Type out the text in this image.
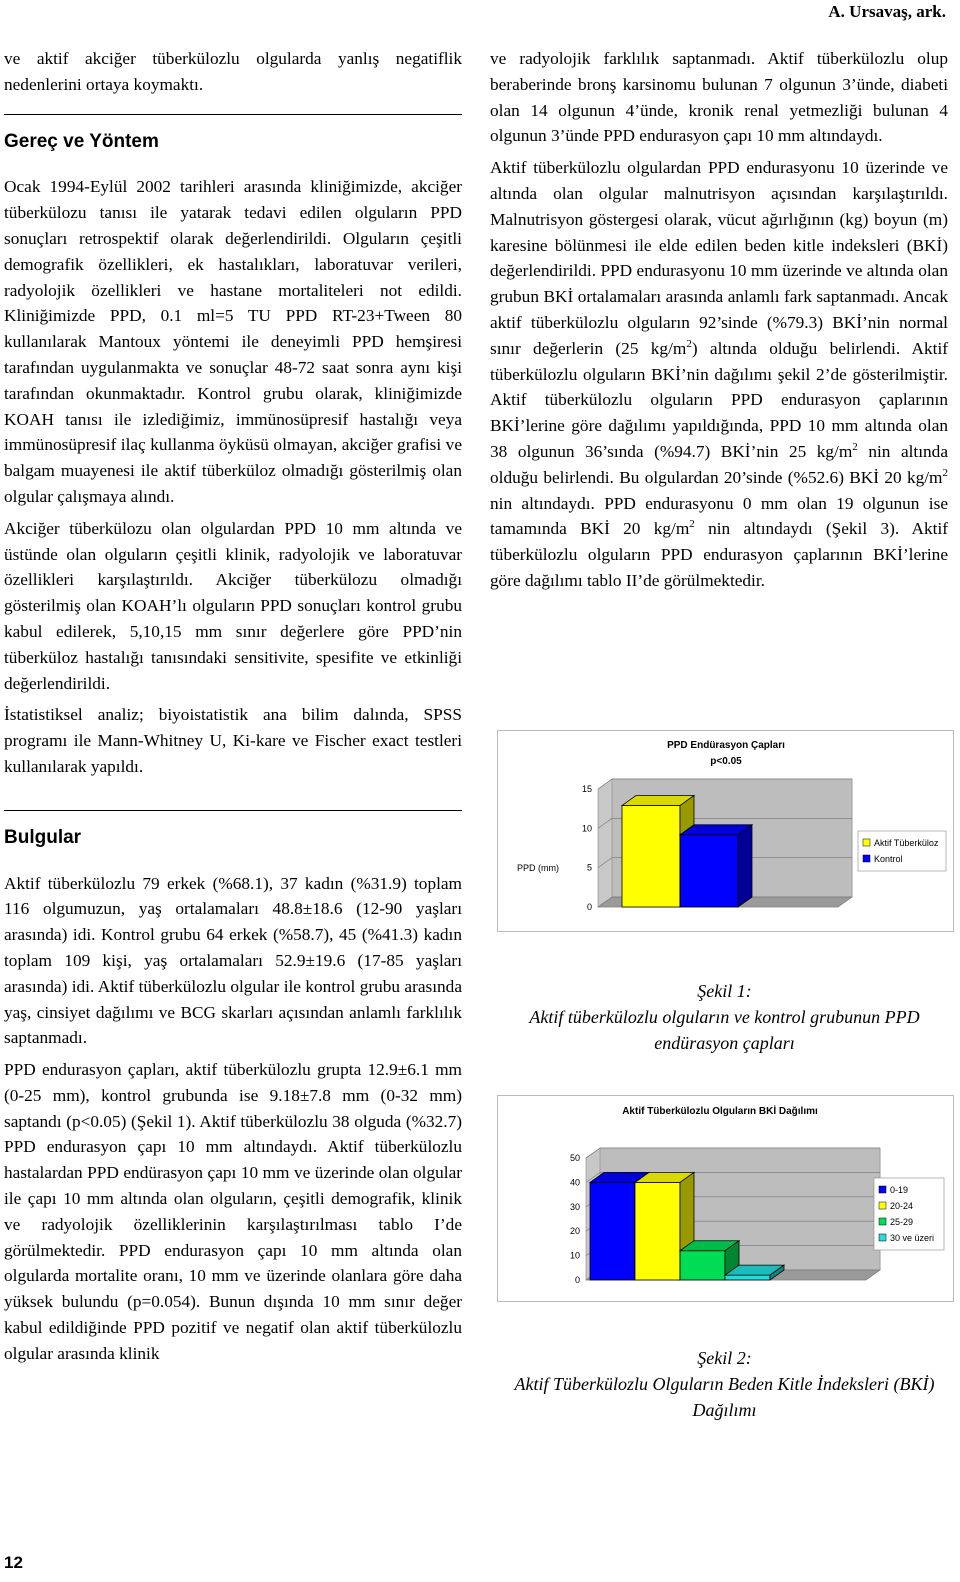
A. Ursavaş, ark.

ve aktif akciğer tüberkülozlu olgularda yanlış negatiflik nedenlerini ortaya koymaktı.

Gereç ve Yöntem

Ocak 1994-Eylül 2002 tarihleri arasında kliniğimizde, akciğer tüberkülozu tanısı ile yatarak tedavi edilen olguların PPD sonuçları retrospektif olarak değerlendirildi. Olguların çeşitli demografik özellikleri, ek hastalıkları, laboratuvar verileri, radyolojik özellikleri ve hastane mortaliteleri not edildi. Kliniğimizde PPD, 0.1 ml=5 TU PPD RT-23+Tween 80 kullanılarak Mantoux yöntemi ile deneyimli PPD hemşiresi tarafından uygulanmakta ve sonuçlar 48-72 saat sonra aynı kişi tarafından okunmaktadır. Kontrol grubu olarak, kliniğimizde KOAH tanısı ile izlediğimiz, immünosüpresif hastalığı veya immünosüpresif ilaç kullanma öyküsü olmayan, akciğer grafisi ve balgam muayenesi ile aktif tüberküloz olmadığı gösterilmiş olan olgular çalışmaya alındı.

Akciğer tüberkülozu olan olgulardan PPD 10 mm altında ve üstünde olan olguların çeşitli klinik, radyolojik ve laboratuvar özellikleri karşılaştırıldı. Akciğer tüberkülozu olmadığı gösterilmiş olan KOAH’lı olguların PPD sonuçları kontrol grubu kabul edilerek, 5,10,15 mm sınır değerlere göre PPD’nin tüberküloz hastalığı tanısındaki sensitivite, spesifite ve etkinliği değerlendirildi.

İstatistiksel analiz; biyoistatistik ana bilim dalında, SPSS programı ile Mann-Whitney U, Ki-kare ve Fischer exact testleri kullanılarak yapıldı.

Bulgular

Aktif tüberkülozlu 79 erkek (%68.1), 37 kadın (%31.9) toplam 116 olgumuzun, yaş ortalamaları 48.8±18.6 (12-90 yaşları arasında) idi. Kontrol grubu 64 erkek (%58.7), 45 (%41.3) kadın toplam 109 kişi, yaş ortalamaları 52.9±19.6 (17-85 yaşları arasında) idi. Aktif tüberkülozlu olgular ile kontrol grubu arasında yaş, cinsiyet dağılımı ve BCG skarları açısından anlamlı farklılık saptanmadı.

PPD endurasyon çapları, aktif tüberkülozlu grupta 12.9±6.1 mm (0-25 mm), kontrol grubunda ise 9.18±7.8 mm (0-32 mm) saptandı (p<0.05) (Şekil 1). Aktif tüberkülozlu 38 olguda (%32.7) PPD endurasyon çapı 10 mm altındaydı. Aktif tüberkülozlu hastalardan PPD endürasyon çapı 10 mm ve üzerinde olan olgular ile çapı 10 mm altında olan olguların, çeşitli demografik, klinik ve radyolojik özelliklerinin karşılaştırılması tablo I’de görülmektedir. PPD endurasyon çapı 10 mm altında olan olgularda mortalite oranı, 10 mm ve üzerinde olanlara göre daha yüksek bulundu (p=0.054). Bunun dışında 10 mm sınır değer kabul edildiğinde PPD pozitif ve negatif olan aktif tüberkülozlu olgular arasında klinik

ve radyolojik farklılık saptanmadı. Aktif tüberkülozlu olup beraberinde bronş karsinomu bulunan 7 olgunun 3’ünde, diabeti olan 14 olgunun 4’ünde, kronik renal yetmezliği bulunan 4 olgunun 3’ünde PPD endurasyon çapı 10 mm altındaydı.

Aktif tüberkülozlu olgulardan PPD endurasyonu 10 üzerinde ve altında olan olgular malnutrisyon açısından karşılaştırıldı. Malnutrisyon göstergesi olarak, vücut ağırlığının (kg) boyun (m) karesine bölünmesi ile elde edilen beden kitle indeksleri (BKİ) değerlendirildi. PPD endurasyonu 10 mm üzerinde ve altında olan grubun BKİ ortalamaları arasında anlamlı fark saptanmadı. Ancak aktif tüberkülozlu olguların 92’sinde (%79.3) BKİ’nin normal sınır değerlerin (25 $kg/m^2$) altında olduğu belirlendi. Aktif tüberkülozlu olguların BKİ’nin dağılımı şekil 2’de gösterilmiştir. Aktif tüberkülozlu olguların PPD endurasyon çaplarının BKİ’lerine göre dağılımı yapıldığında, PPD 10 mm altında olan 38 olgunun 36’sında (%94.7) BKİ’nin 25 $kg/m^2$ nin altında olduğu belirlendi. Bu olgulardan 20’sinde (%52.6) BKİ 20 $kg/m^2$ nin altındaydı. PPD endurasyonu 0 mm olan 19 olgunun ise tamamında BKİ 20 $kg/m^2$ nin altındaydı (Şekil 3). Aktif tüberkülozlu olguların PPD endurasyon çaplarının BKİ’lerine göre dağılımı tablo II’de görülmektedir.

PPD Endürasyon Çapları
p<0.05
0
5
10
15
PPD (mm)
Aktif Tüberküloz
Kontrol
Şekil 1:
Aktif tüberkülozlu olguların ve kontrol grubunun PPD endürasyon çapları
Aktif Tüberkülozlu Olguların BKİ Dağılımı
0
10
20
30
40
50
0-19
20-24
25-29
30 ve üzeri
Şekil 2:
Aktif Tüberkülozlu Olguların Beden Kitle İndeksleri (BKİ) Dağılımı
12
